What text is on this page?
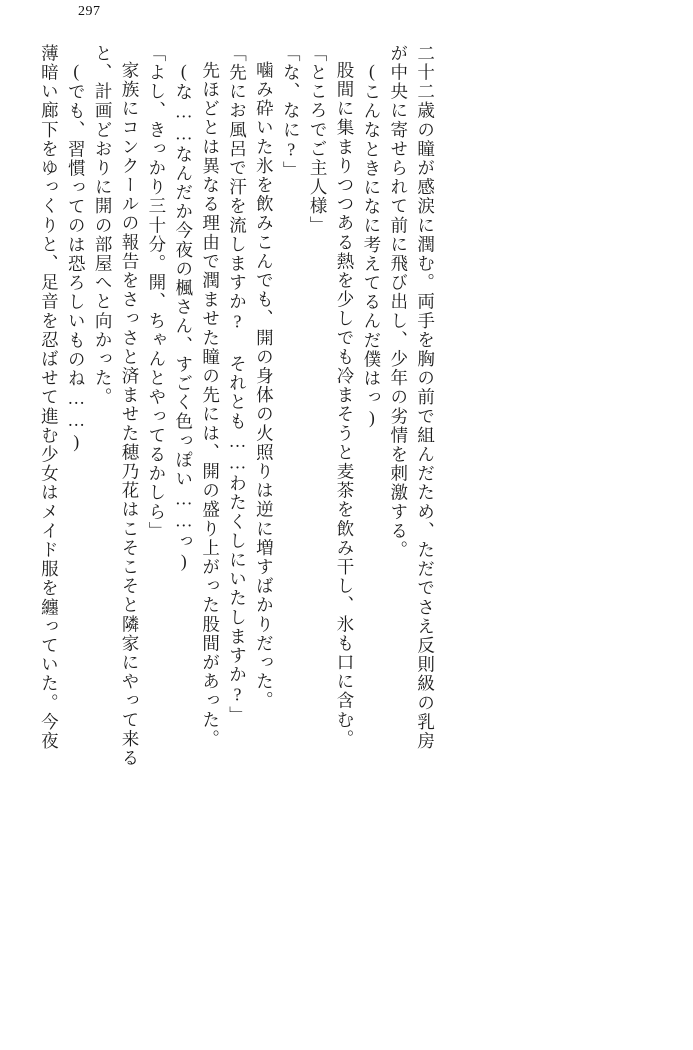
297
薄暗い廊下をゆっくりと、足音を忍ばせて進む少女はメイド服を纏っていた。今夜 (でも、習慣ってのは恐ろしいものね……) と、計画どおりに開の部屋へと向かった。 家族にコンクールの報告をさっさと済ませた穂乃花はこそこそと隣家にやって来る 「よし、きっかり三十分。開、ちゃんとやってるかしら」 (な……なんだか今夜の楓さん、すごく色っぽい……っ) 先ほどとは異なる理由で潤ませた瞳の先には、開の盛り上がった股間があった。 「先にお風呂で汗を流しますか? それとも……わたくしにいたしますか?」 噛み砕いた氷を飲みこんでも、開の身体の火照りは逆に増すばかりだった。 「な、なに?」 「ところでご主人様」 股間に集まりつつある熱を少しでも冷まそうと麦茶を飲み干し、氷も口に含む。 (こんなときになに考えてるんだ僕はっ) が中央に寄せられて前に飛び出し、少年の劣情を刺激する。 二十二歳の瞳が感涙に潤む。両手を胸の前で組んだため、ただでさえ反則級の乳房
